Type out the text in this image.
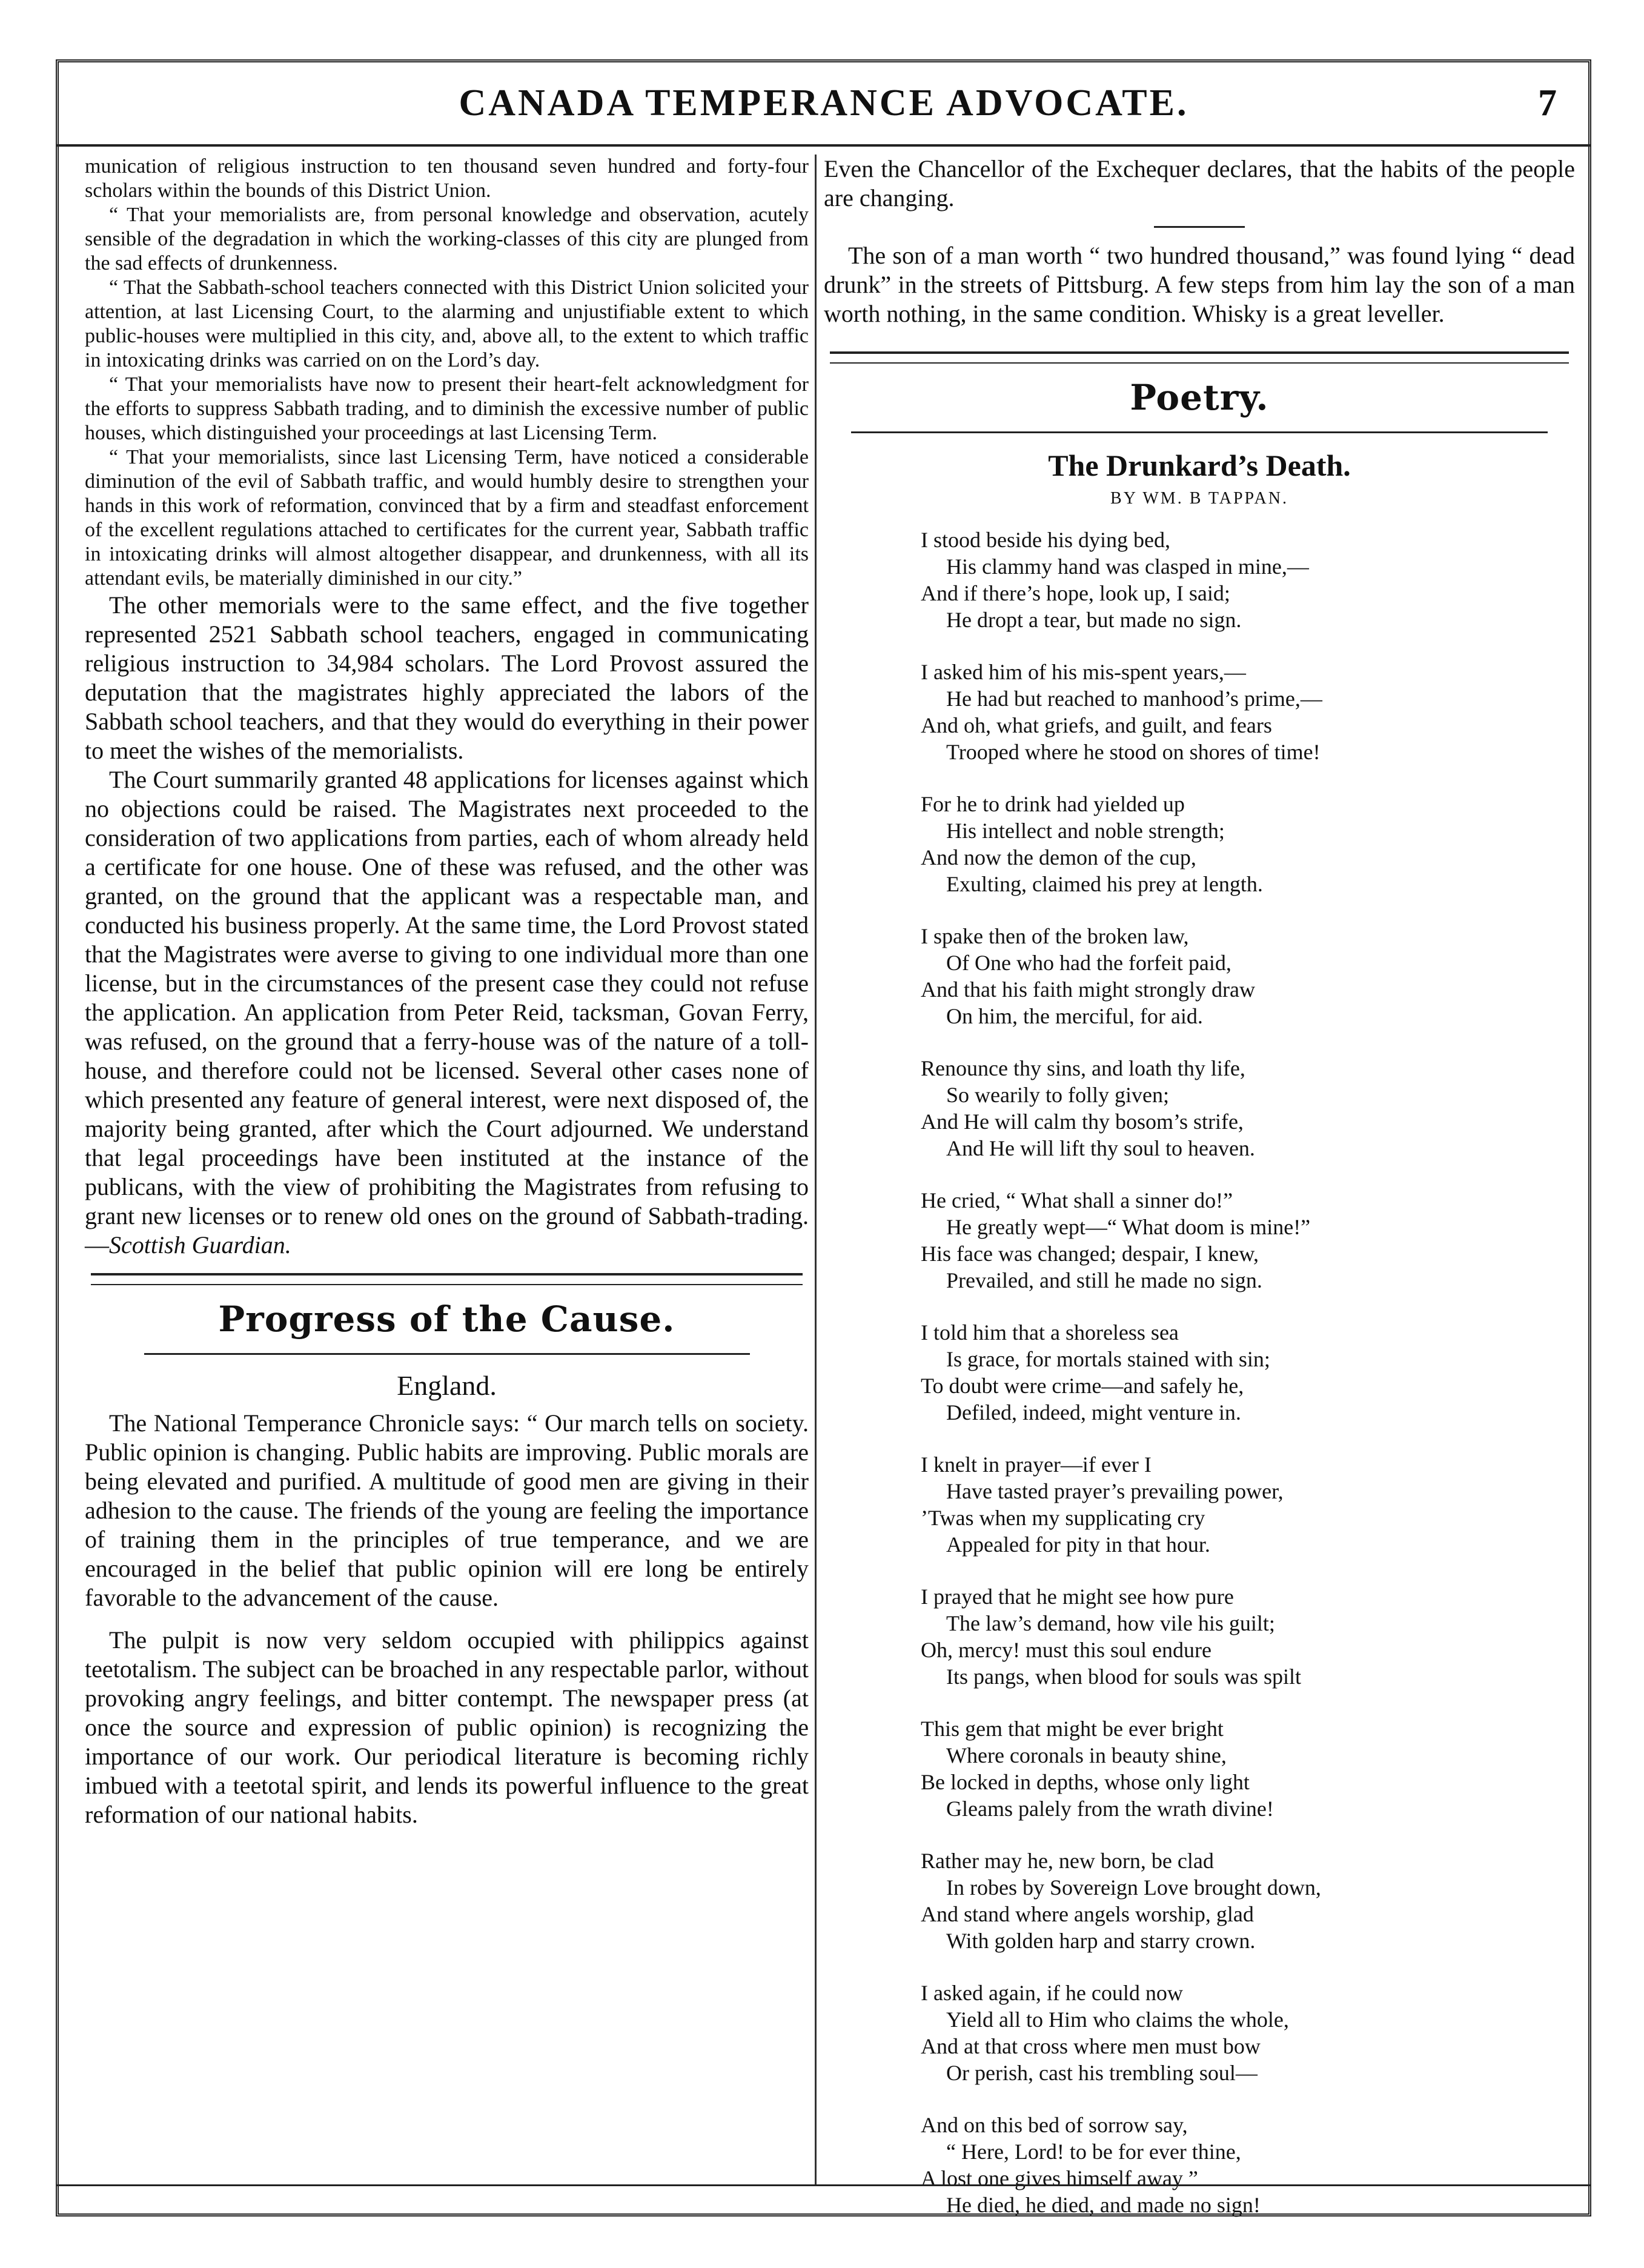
CANADA TEMPERANCE ADVOCATE.	7

munication of religious instruction to ten thousand seven hundred and forty-four scholars within the bounds of this District Union.

“ That your memorialists are, from personal knowledge and observation, acutely sensible of the degradation in which the working-classes of this city are plunged from the sad effects of drunkenness.

“ That the Sabbath-school teachers connected with this District Union solicited your attention, at last Licensing Court, to the alarming and unjustifiable extent to which public-houses were multiplied in this city, and, above all, to the extent to which traffic in intoxicating drinks was carried on on the Lord’s day.

“ That your memorialists have now to present their heart-felt acknowledgment for the efforts to suppress Sabbath trading, and to diminish the excessive number of public houses, which distinguished your proceedings at last Licensing Term.

“ That your memorialists, since last Licensing Term, have noticed a considerable diminution of the evil of Sabbath traffic, and would humbly desire to strengthen your hands in this work of reformation, convinced that by a firm and steadfast enforcement of the excellent regulations attached to certificates for the current year, Sabbath traffic in intoxicating drinks will almost altogether disappear, and drunkenness, with all its attendant evils, be materially diminished in our city.”

The other memorials were to the same effect, and the five together represented 2521 Sabbath school teachers, engaged in communicating religious instruction to 34,984 scholars. The Lord Provost assured the deputation that the magistrates highly appreciated the labors of the Sabbath school teachers, and that they would do everything in their power to meet the wishes of the memorialists.

The Court summarily granted 48 applications for licenses against which no objections could be raised. The Magistrates next proceeded to the consideration of two applications from parties, each of whom already held a certificate for one house. One of these was refused, and the other was granted, on the ground that the applicant was a respectable man, and conducted his business properly. At the same time, the Lord Provost stated that the Magistrates were averse to giving to one individual more than one license, but in the circumstances of the present case they could not refuse the application. An application from Peter Reid, tacksman, Govan Ferry, was refused, on the ground that a ferry-house was of the nature of a toll-house, and therefore could not be licensed. Several other cases none of which presented any feature of general interest, were next disposed of, the majority being granted, after which the Court adjourned. We understand that legal proceedings have been instituted at the instance of the publicans, with the view of prohibiting the Magistrates from refusing to grant new licenses or to renew old ones on the ground of Sabbath-trading.—Scottish Guardian.

Progress of the Cause.
England.

The National Temperance Chronicle says: “ Our march tells on society. Public opinion is changing. Public habits are improving. Public morals are being elevated and purified. A multitude of good men are giving in their adhesion to the cause. The friends of the young are feeling the importance of training them in the principles of true temperance, and we are encouraged in the belief that public opinion will ere long be entirely favorable to the advancement of the cause.

The pulpit is now very seldom occupied with philippics against teetotalism. The subject can be broached in any respectable parlor, without provoking angry feelings, and bitter contempt. The newspaper press (at once the source and expression of public opinion) is recognizing the importance of our work. Our periodical literature is becoming richly imbued with a teetotal spirit, and lends its powerful influence to the great reformation of our national habits.

Even the Chancellor of the Exchequer declares, that the habits of the people are changing.

The son of a man worth “ two hundred thousand,” was found lying “ dead drunk” in the streets of Pittsburg. A few steps from him lay the son of a man worth nothing, in the same condition. Whisky is a great leveller.

Poetry.
The Drunkard’s Death.
BY WM. B TAPPAN.
I stood beside his dying bed,
His clammy hand was clasped in mine,—
And if there’s hope, look up, I said;
He dropt a tear, but made no sign.
I asked him of his mis-spent years,—
He had but reached to manhood’s prime,—
And oh, what griefs, and guilt, and fears
Trooped where he stood on shores of time!
For he to drink had yielded up
His intellect and noble strength;
And now the demon of the cup,
Exulting, claimed his prey at length.
I spake then of the broken law,
Of One who had the forfeit paid,
And that his faith might strongly draw
On him, the merciful, for aid.
Renounce thy sins, and loath thy life,
So wearily to folly given;
And He will calm thy bosom’s strife,
And He will lift thy soul to heaven.
He cried, “ What shall a sinner do!”
He greatly wept—“ What doom is mine!”
His face was changed; despair, I knew,
Prevailed, and still he made no sign.
I told him that a shoreless sea
Is grace, for mortals stained with sin;
To doubt were crime—and safely he,
Defiled, indeed, might venture in.
I knelt in prayer—if ever I
Have tasted prayer’s prevailing power,
’Twas when my supplicating cry
Appealed for pity in that hour.
I prayed that he might see how pure
The law’s demand, how vile his guilt;
Oh, mercy! must this soul endure
Its pangs, when blood for souls was spilt
This gem that might be ever bright
Where coronals in beauty shine,
Be locked in depths, whose only light
Gleams palely from the wrath divine!
Rather may he, new born, be clad
In robes by Sovereign Love brought down,
And stand where angels worship, glad
With golden harp and starry crown.
I asked again, if he could now
Yield all to Him who claims the whole,
And at that cross where men must bow
Or perish, cast his trembling soul—
And on this bed of sorrow say,
“ Here, Lord! to be for ever thine,
A lost one gives himself away ”
He died, he died, and made no sign!
